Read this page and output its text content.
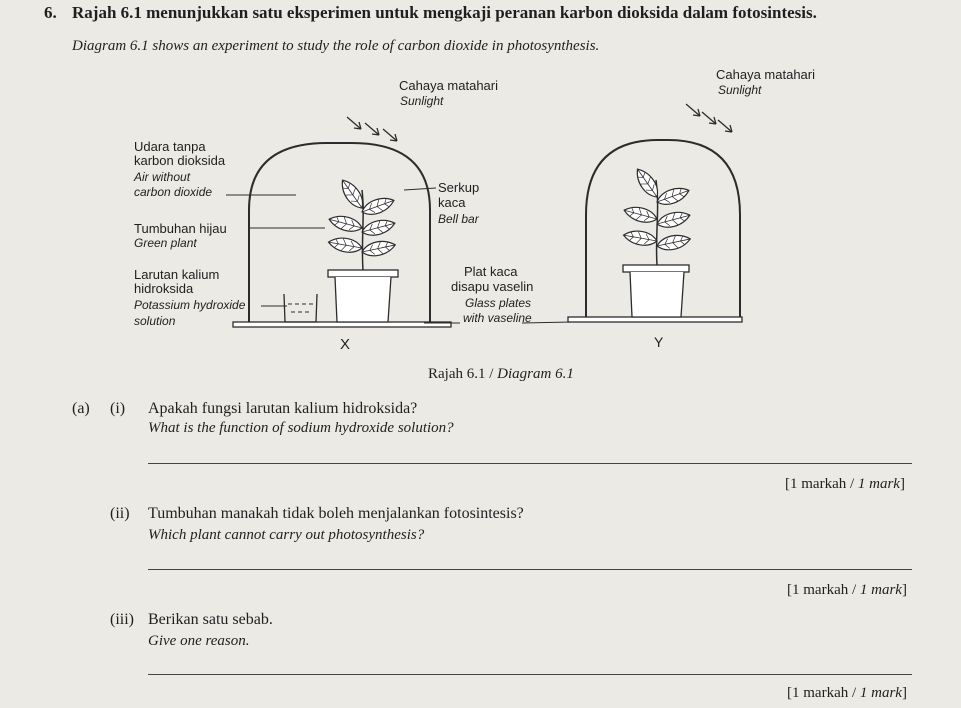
6. Rajah 6.1 menunjukkan satu eksperimen untuk mengkaji peranan karbon dioksida dalam fotosintesis.
Diagram 6.1 shows an experiment to study the role of carbon dioxide in photosynthesis.
Cahaya matahari
Sunlight
Cahaya matahari
Sunlight
Udara tanpa
karbon dioksida
Air without
carbon dioxide
Tumbuhan hijau
Green plant
Larutan kalium
hidroksida
Potassium hydroxide
solution
Serkup
kaca
Bell bar
Plat kaca
disapu vaselin
Glass plates
with vaseline
X	Y
Rajah 6.1 / Diagram 6.1
(a) (i) Apakah fungsi larutan kalium hidroksida?
What is the function of sodium hydroxide solution?
[1 markah / 1 mark]
(ii) Tumbuhan manakah tidak boleh menjalankan fotosintesis?
Which plant cannot carry out photosynthesis?
[1 markah / 1 mark]
(iii) Berikan satu sebab.
Give one reason.
[1 markah / 1 mark]
